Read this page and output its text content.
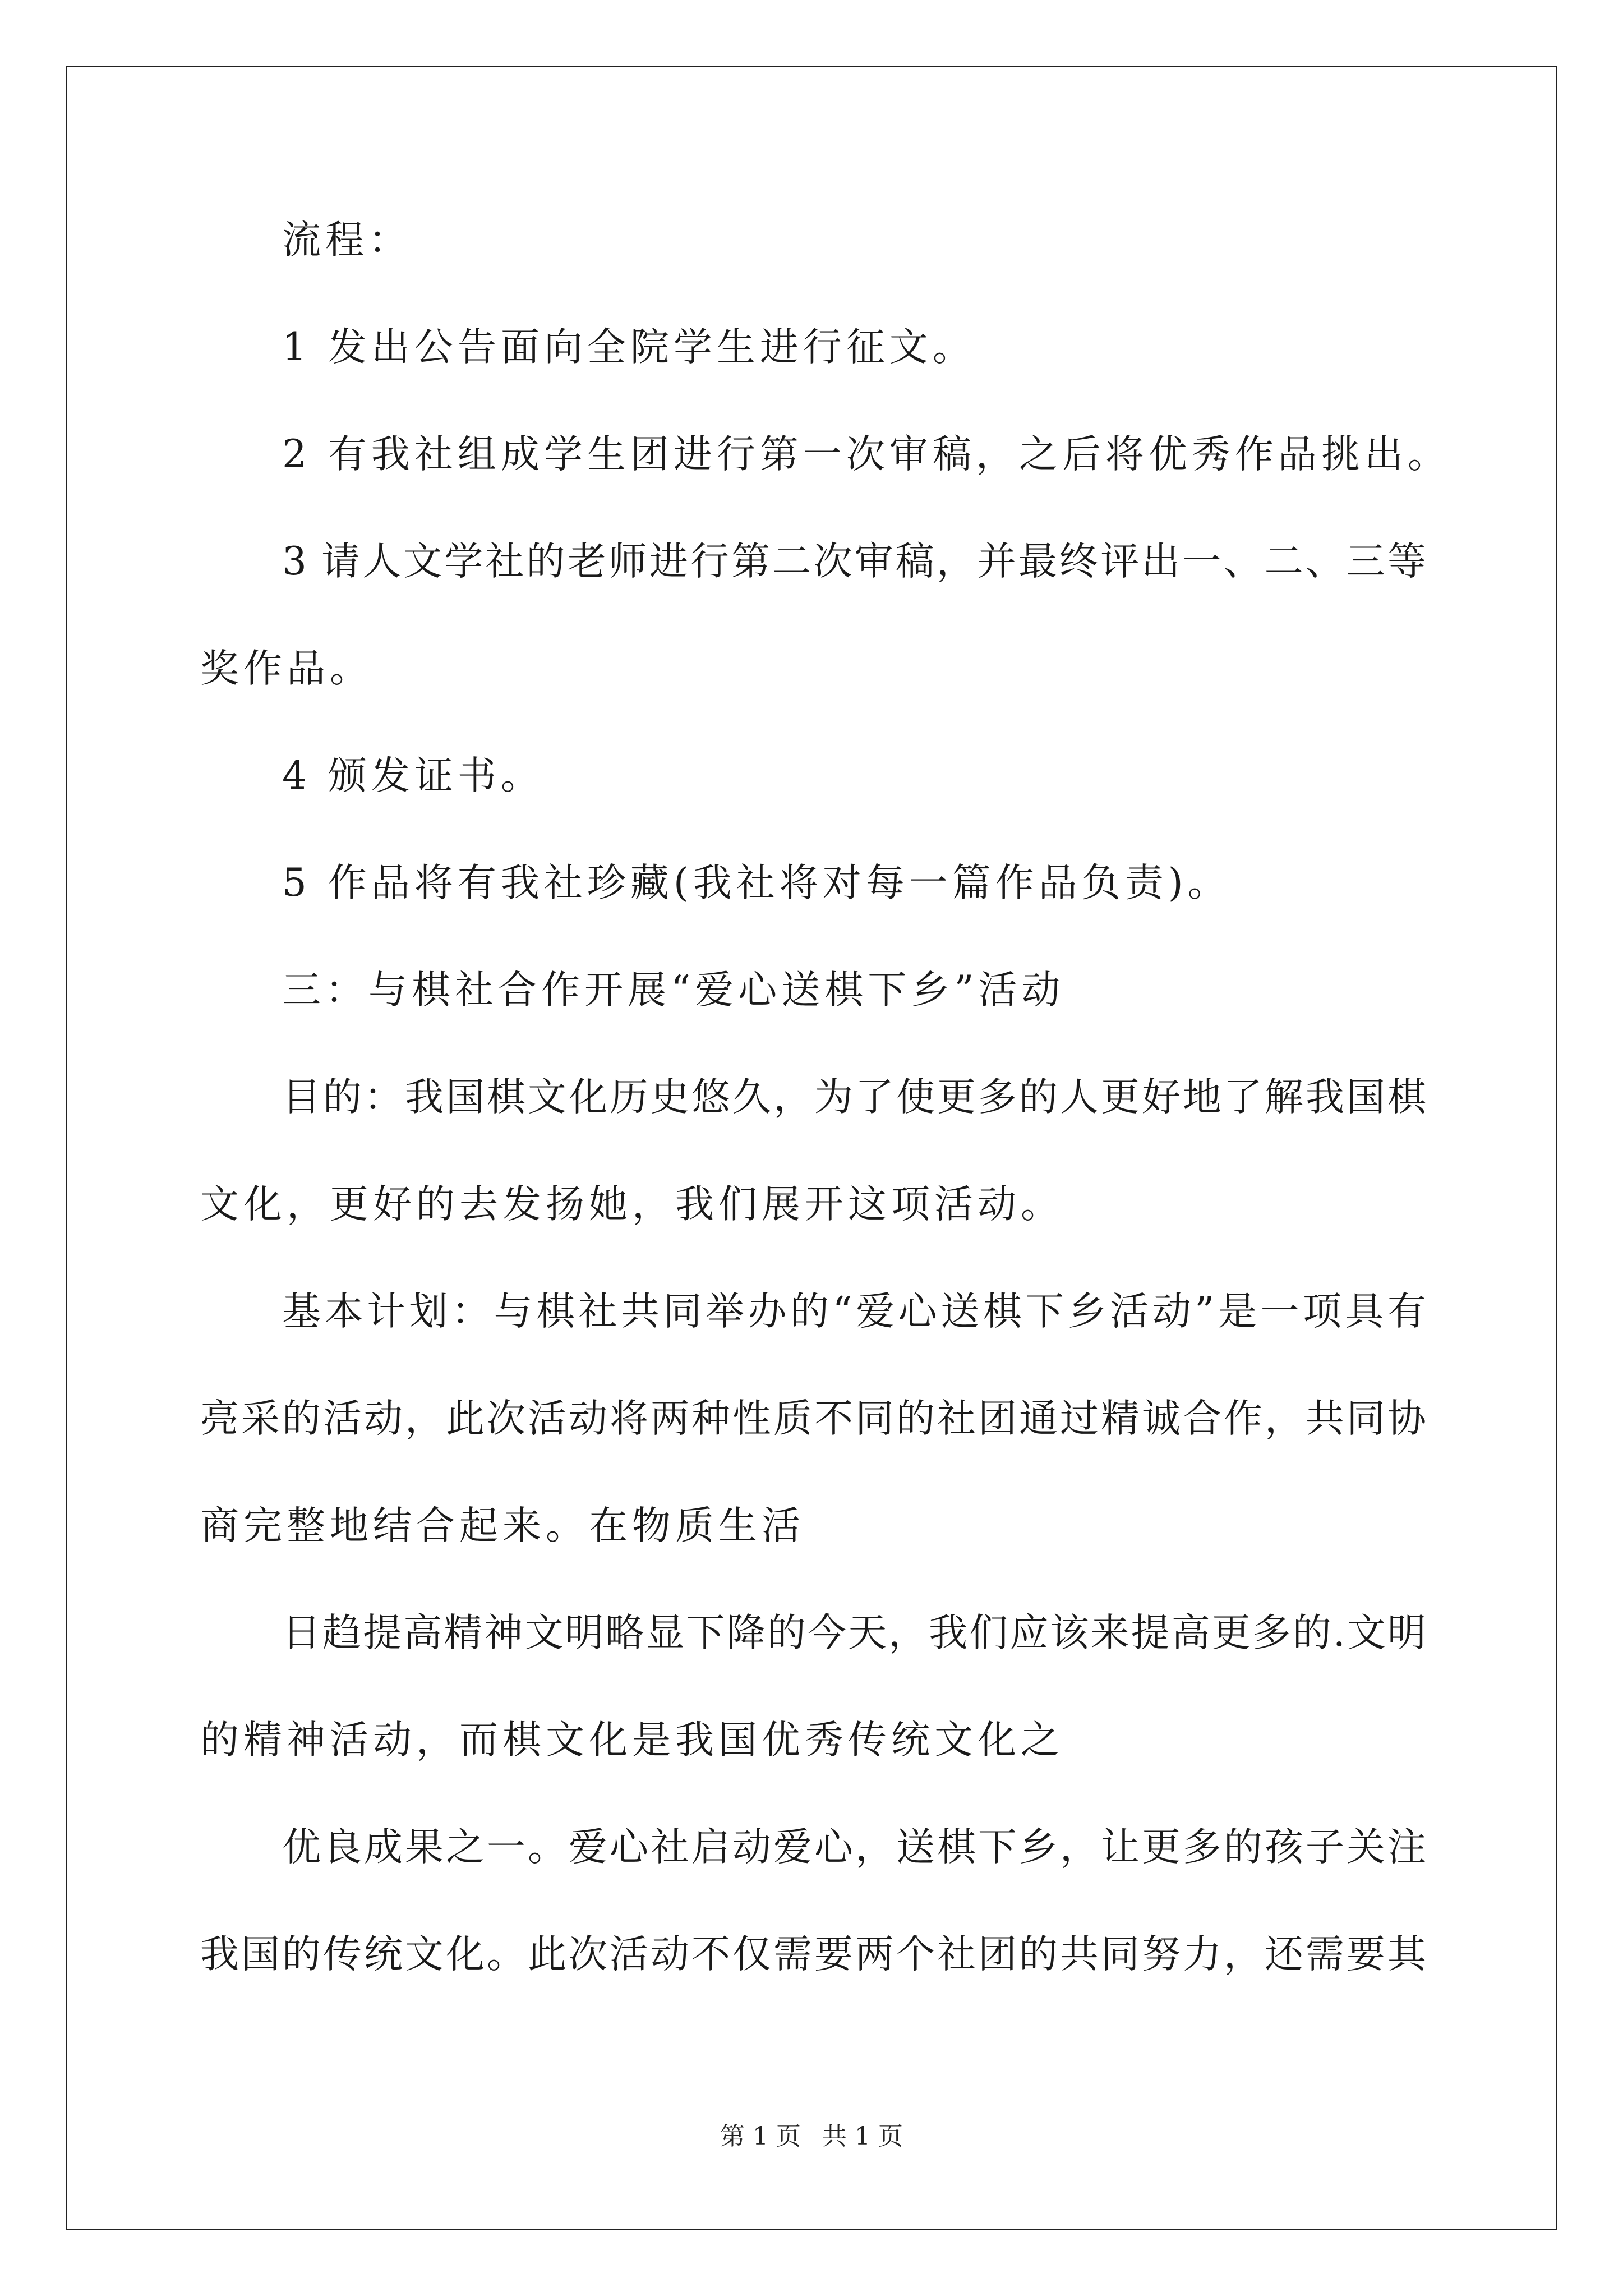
流程：
1 发出公告面向全院学生进行征文。
2 有我社组成学生团进行第一次审稿，之后将优秀作品挑出。
3 请人文学社的老师进行第二次审稿，并最终评出一、二、三等
奖作品。
4 颁发证书。
5 作品将有我社珍藏(我社将对每一篇作品负责)。
三：与棋社合作开展“爱心送棋下乡”活动
目的：我国棋文化历史悠久，为了使更多的人更好地了解我国棋
文化，更好的去发扬她，我们展开这项活动。
基本计划：与棋社共同举办的“爱心送棋下乡活动”是一项具有
亮采的活动，此次活动将两种性质不同的社团通过精诚合作，共同协
商完整地结合起来。在物质生活
日趋提高精神文明略显下降的今天，我们应该来提高更多的.文明
的精神活动，而棋文化是我国优秀传统文化之
优良成果之一。爱心社启动爱心，送棋下乡，让更多的孩子关注
我国的传统文化。此次活动不仅需要两个社团的共同努力，还需要其
第 1 页 共 1 页
